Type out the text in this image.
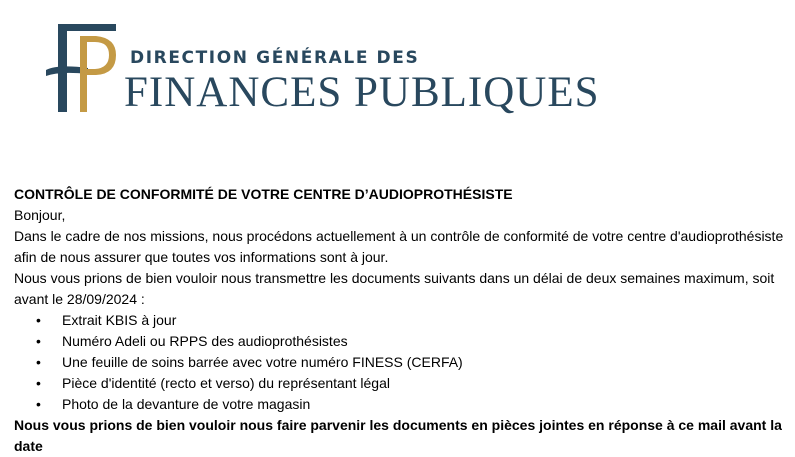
DIRECTION GÉNÉRALE DES
FINANCES PUBLIQUES

CONTRÔLE DE CONFORMITÉ DE VOTRE CENTRE D’AUDIOPROTHÉSISTE

Bonjour,

Dans le cadre de nos missions, nous procédons actuellement à un contrôle de conformité de votre centre d'audioprothésiste afin de nous assurer que toutes vos informations sont à jour.

Nous vous prions de bien vouloir nous transmettre les documents suivants dans un délai de deux semaines maximum, soit avant le 28/09/2024 :

• Extrait KBIS à jour
• Numéro Adeli ou RPPS des audioprothésistes
• Une feuille de soins barrée avec votre numéro FINESS (CERFA)
• Pièce d'identité (recto et verso) du représentant légal
• Photo de la devanture de votre magasin

Nous vous prions de bien vouloir nous faire parvenir les documents en pièces jointes en réponse à ce mail avant la date
